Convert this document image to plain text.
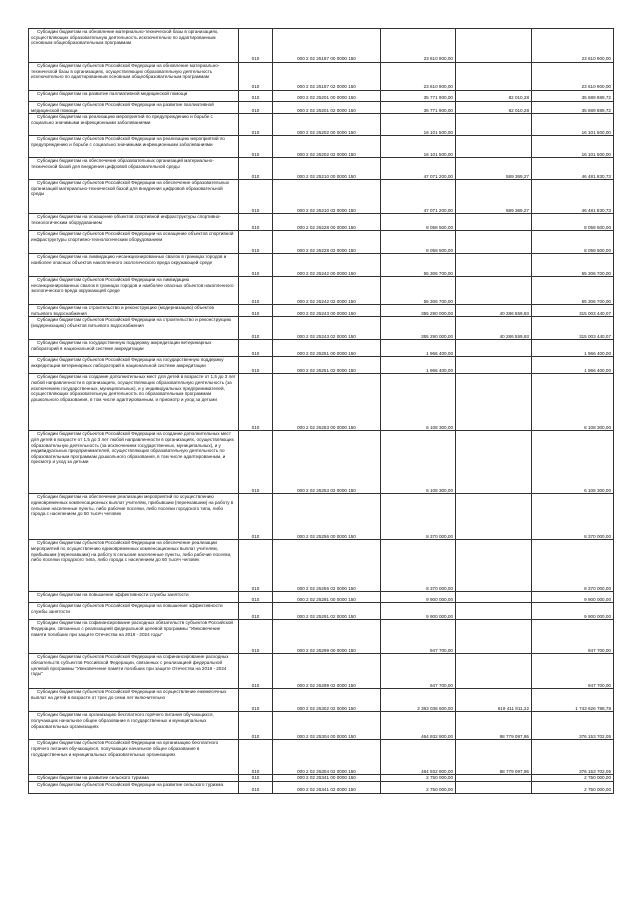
Субсидии бюджетам на обновление материально-технической базы в организациях, осуществляющих образовательную деятельность исключительно по адаптированным основным общеобразовательным программам	010	000 2 02 25187 00 0000 150	23 610 900,00		23 610 900,00
Субсидии бюджетам субъектов Российской Федерации на обновление материально-технической базы в организациях, осуществляющих образовательную деятельность исключительно по адаптированным основным общеобразовательным программам	010	000 2 02 25187 02 0000 150	23 610 900,00		23 610 900,00
Субсидии бюджетам на развитие паллиативной медицинской помощи	010	000 2 02 25201 00 0000 150	35 771 900,00	82 010,28	35 689 889,72
Субсидии бюджетам субъектов Российской Федерации на развитие паллиативной медицинской помощи	010	000 2 02 25201 02 0000 150	35 771 900,00	82 010,28	35 689 889,72
Субсидии бюджетам на реализацию мероприятий по предупреждению и борьбе с социально значимыми инфекционными заболеваниями	010	000 2 02 25202 00 0000 150	16 101 500,00		16 101 500,00
Субсидии бюджетам субъектов Российской Федерации на реализацию мероприятий по предупреждению и борьбе с социально значимыми инфекционными заболеваниями	010	000 2 02 25202 02 0000 150	16 101 500,00		16 101 500,00
Субсидии бюджетам на обеспечение образовательных организаций материально-технической базой для внедрения цифровой образовательной среды	010	000 2 02 25210 00 0000 150	47 071 200,00	589 369,27	46 481 830,73
Субсидии бюджетам субъектов Российской Федерации на обеспечение образовательных организаций материально-технической базой для внедрения цифровой образовательной среды	010	000 2 02 25210 02 0000 150	47 071 200,00	589 369,27	46 481 830,73
Субсидии бюджетам на оснащение объектов спортивной инфраструктуры спортивно-технологическим оборудованием	010	000 2 02 25228 00 0000 150	8 058 500,00		8 058 500,00
Субсидии бюджетам субъектов Российской Федерации на оснащение объектов спортивной инфраструктуры спортивно-технологическим оборудованием	010	000 2 02 25228 02 0000 150	8 058 500,00		8 058 500,00
Субсидии бюджетам на ликвидацию несанкционированных свалок в границах городов и наиболее опасных объектов накопленного экологического вреда окружающей среде	010	000 2 02 25242 00 0000 150	55 306 700,00		55 306 700,00
Субсидии бюджетам субъектов Российской Федерации на ликвидацию несанкционированных свалок в границах городов и наиболее опасных объектов накопленного экологического вреда окружающей среде	010	000 2 02 25242 02 0000 150	55 306 700,00		55 306 700,00
Субсидии бюджетам на строительство и реконструкцию (модернизацию) объектов питьевого водоснабжения	010	000 2 02 25243 00 0000 150	355 290 000,00	40 286 559,93	315 003 440,07
Субсидии бюджетам субъектов Российской Федерации на строительство и реконструкцию (модернизацию) объектов питьевого водоснабжения	010	000 2 02 25243 02 0000 150	355 290 000,00	40 286 559,93	315 003 440,07
Субсидии бюджетам на государственную поддержку аккредитации ветеринарных лабораторий в национальной системе аккредитации	010	000 2 02 25251 00 0000 150	1 966 400,00		1 966 400,00
Субсидии бюджетам субъектов Российской Федерации на государственную поддержку аккредитации ветеринарных лабораторий в национальной системе аккредитации	010	000 2 02 25251 02 0000 150	1 966 400,00		1 966 400,00
Субсидии бюджетам на создание дополнительных мест для детей в возрасте от 1,5 до 3 лет любой направленности в организациях, осуществляющих образовательную деятельность (за исключением государственных, муниципальных), и у индивидуальных предпринимателей, осуществляющих образовательную деятельность по образовательным программам дошкольного образования, в том числе адаптированным, и присмотр и уход за детьми	010	000 2 02 25253 00 0000 150	6 108 300,00		6 108 300,00
Субсидии бюджетам субъектов Российской Федерации на создание дополнительных мест для детей в возрасте от 1,5 до 3 лет любой направленности в организациях, осуществляющих образовательную деятельность (за исключением государственных, муниципальных), и у индивидуальных предпринимателей, осуществляющих образовательную деятельность по образовательным программам дошкольного образования, в том числе адаптированным, и присмотр и уход за детьми	010	000 2 02 25253 02 0000 150	6 108 300,00		6 108 300,00
Субсидии бюджетам на обеспечение реализации мероприятий по осуществлению единовременных компенсационных выплат учителям, прибывшим (переехавшим) на работу в сельские населенные пункты, либо рабочие поселки, либо поселки городского типа, либо города с населением до 50 тысяч человек	010	000 2 02 25256 00 0000 150	8 370 000,00		8 370 000,00
Субсидии бюджетам субъектов Российской Федерации на обеспечение реализации мероприятий по осуществлению единовременных компенсационных выплат учителям, прибывшим (переехавшим) на работу в сельские населенные пункты, либо рабочие поселки, либо поселки городского типа, либо города с населением до 50 тысяч человек	010	000 2 02 25256 02 0000 150	8 370 000,00		8 370 000,00
Субсидии бюджетам на повышение эффективности службы занятости	010	000 2 02 25291 00 0000 150	9 900 000,00		9 900 000,00
Субсидии бюджетам субъектов Российской Федерации на повышение эффективности службы занятости	010	000 2 02 25291 02 0000 150	9 900 000,00		9 900 000,00
Субсидии бюджетам на софинансирование расходных обязательств субъектов Российской Федерации, связанных с реализацией федеральной целевой программы "Увековечение памяти погибших при защите Отечества на 2019 - 2024 годы"	010	000 2 02 25299 00 0000 150	947 700,00		947 700,00
Субсидии бюджетам субъектов Российской Федерации на софинансирование расходных обязательств субъектов Российской Федерации, связанных с реализацией федеральной целевой программы "Увековечение памяти погибших при защите Отечества на 2019 - 2024 годы"	010	000 2 02 25299 02 0000 150	947 700,00		947 700,00
Субсидии бюджетам субъектов Российской Федерации на осуществление ежемесячных выплат на детей в возрасте от трех до семи лет включительно	010	000 2 02 25302 02 0000 150	2 363 038 600,00	619 411 811,22	1 743 626 788,78
Субсидии бюджетам на организацию бесплатного горячего питания обучающихся, получающих начальное общее образование в государственных и муниципальных образовательных организациях	010	000 2 02 25304 00 0000 150	464 932 800,00	88 779 097,95	376 153 702,05
Субсидии бюджетам субъектов Российской Федерации на организацию бесплатного горячего питания обучающихся, получающих начальное общее образование в государственных и муниципальных образовательных организациях	010	000 2 02 25304 02 0000 150	464 932 800,00	88 779 097,95	376 153 702,05
Субсидии бюджетам на развитие сельского туризма	010	000 2 02 25341 00 0000 150	2 750 000,00		2 750 000,00
Субсидии бюджетам субъектов Российской Федерации на развитие сельского туризма	010	000 2 02 25341 02 0000 150	2 750 000,00		2 750 000,00
